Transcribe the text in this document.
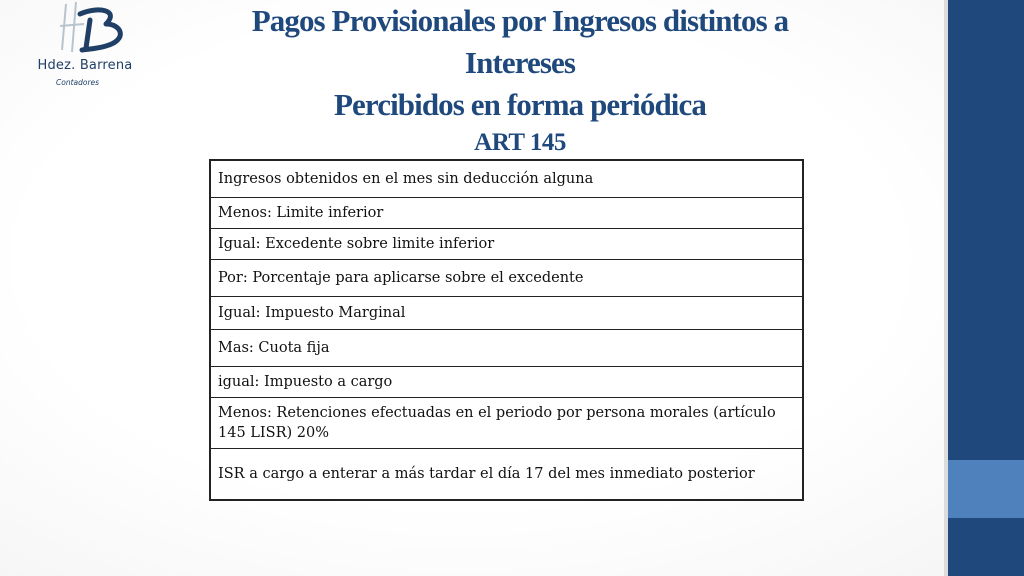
Hdez. Barrena
Contadores
Pagos Provisionales por Ingresos distintos a
Intereses
Percibidos en forma periódica
ART 145
Ingresos obtenidos en el mes sin deducción alguna
Menos: Limite inferior
Igual: Excedente sobre limite inferior
Por: Porcentaje para aplicarse sobre el excedente
Igual: Impuesto Marginal
Mas: Cuota fija
igual: Impuesto a cargo
Menos: Retenciones efectuadas en el periodo por persona morales (artículo 145 LISR) 20%
ISR a cargo a enterar a más tardar el día 17 del mes inmediato posterior
